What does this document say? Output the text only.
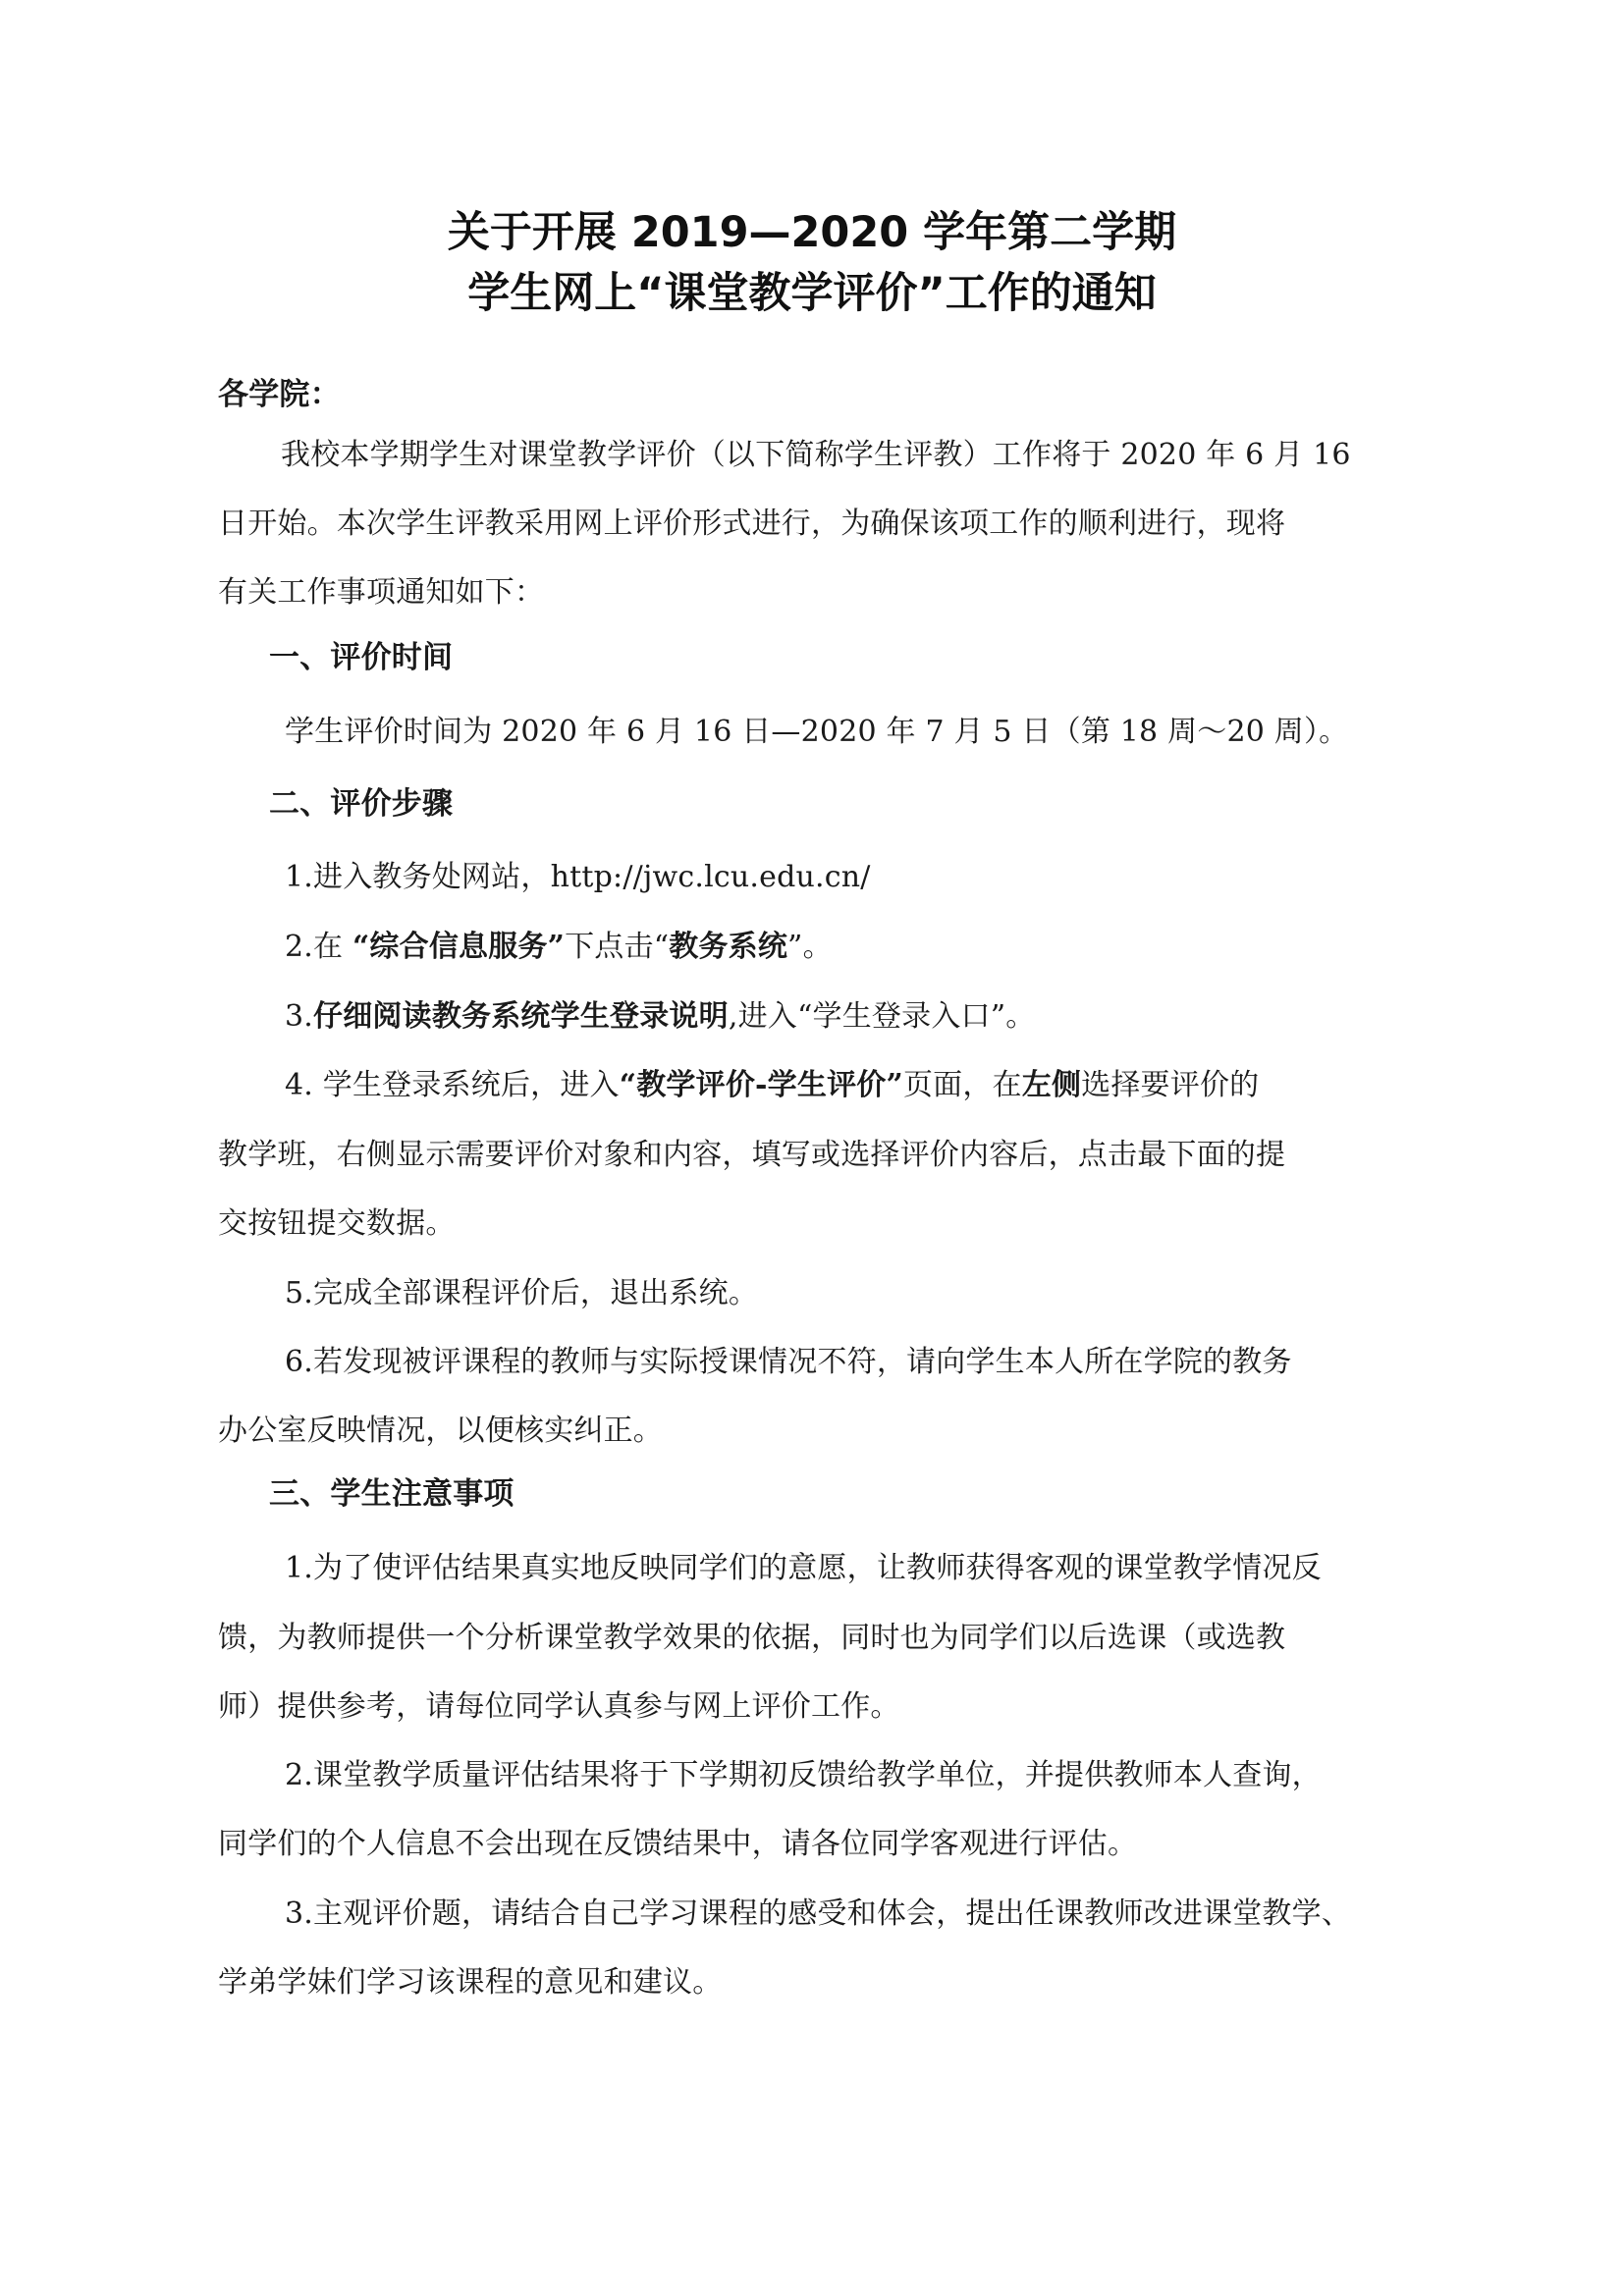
关于开展 2019—2020 学年第二学期
学生网上“课堂教学评价”工作的通知
各学院：
我校本学期学生对课堂教学评价（以下简称学生评教）工作将于 2020 年 6 月 16
日开始。本次学生评教采用网上评价形式进行，为确保该项工作的顺利进行，现将
有关工作事项通知如下：
一、评价时间
学生评价时间为 2020 年 6 月 16 日—2020 年 7 月 5 日（第 18 周～20 周）。
二、评价步骤
1.进入教务处网站，http://jwc.lcu.edu.cn/
2.在 “综合信息服务”下点击“教务系统”。
3.仔细阅读教务系统学生登录说明,进入“学生登录入口”。
4. 学生登录系统后，进入“教学评价-学生评价”页面，在左侧选择要评价的
教学班，右侧显示需要评价对象和内容，填写或选择评价内容后，点击最下面的提
交按钮提交数据。
5.完成全部课程评价后，退出系统。
6.若发现被评课程的教师与实际授课情况不符，请向学生本人所在学院的教务
办公室反映情况，以便核实纠正。
三、学生注意事项
1.为了使评估结果真实地反映同学们的意愿，让教师获得客观的课堂教学情况反
馈，为教师提供一个分析课堂教学效果的依据，同时也为同学们以后选课（或选教
师）提供参考，请每位同学认真参与网上评价工作。
2.课堂教学质量评估结果将于下学期初反馈给教学单位，并提供教师本人查询，
同学们的个人信息不会出现在反馈结果中，请各位同学客观进行评估。
3.主观评价题，请结合自己学习课程的感受和体会，提出任课教师改进课堂教学、
学弟学妹们学习该课程的意见和建议。
